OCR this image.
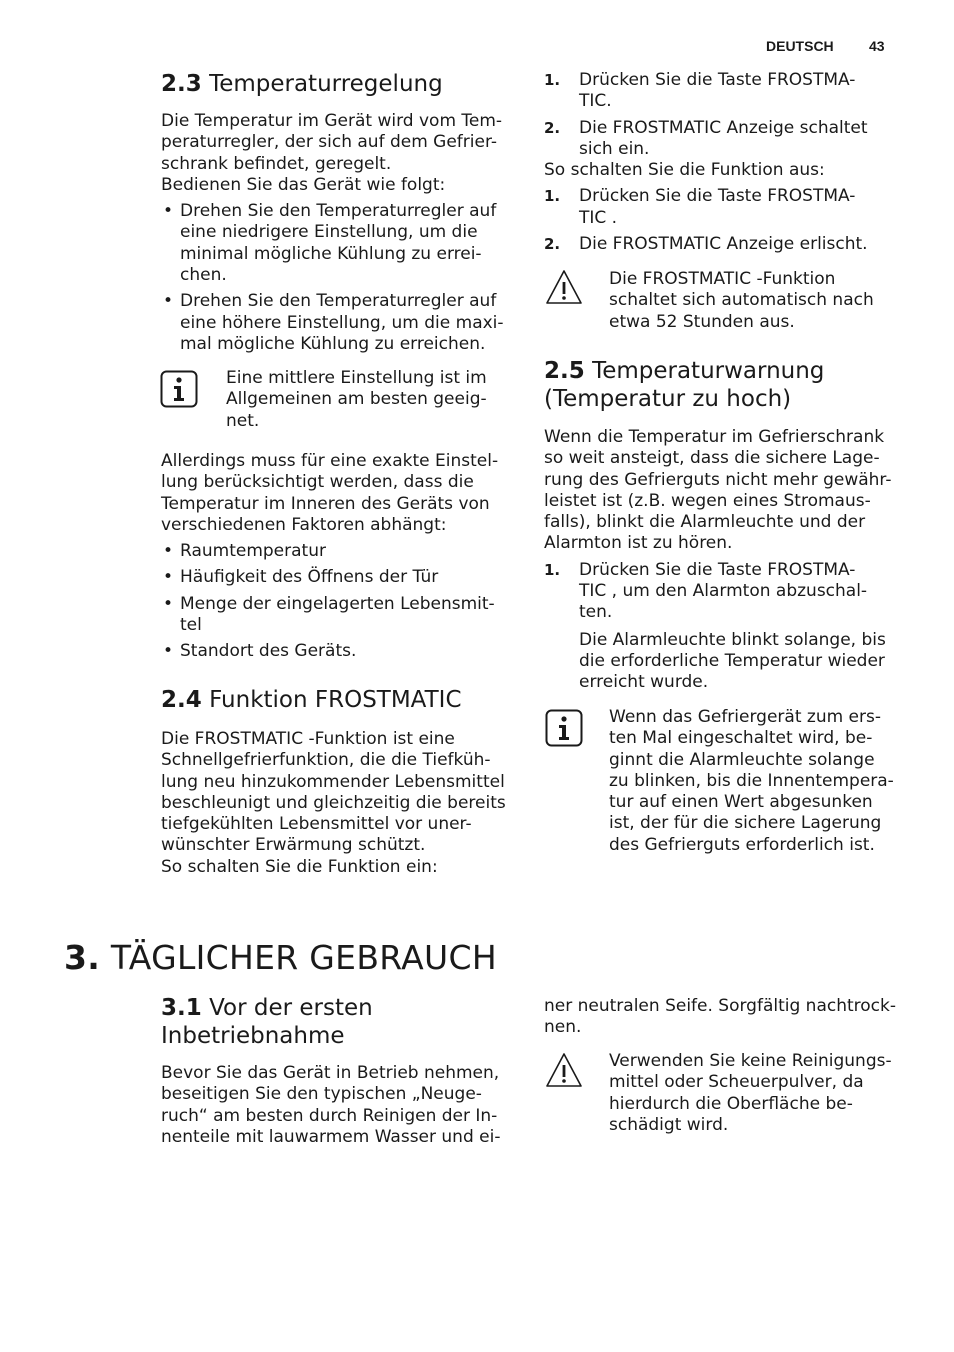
DEUTSCH	43
2.3 Temperaturregelung
Die Temperatur im Gerät wird vom Tem-
peraturregler, der sich auf dem Gefrier-
schrank befindet, geregelt.
Bedienen Sie das Gerät wie folgt:
• Drehen Sie den Temperaturregler auf
eine niedrigere Einstellung, um die
minimal mögliche Kühlung zu errei-
chen.
• Drehen Sie den Temperaturregler auf
eine höhere Einstellung, um die maxi-
mal mögliche Kühlung zu erreichen.
Eine mittlere Einstellung ist im
Allgemeinen am besten geeig-
net.
Allerdings muss für eine exakte Einstel-
lung berücksichtigt werden, dass die
Temperatur im Inneren des Geräts von
verschiedenen Faktoren abhängt:
• Raumtemperatur
• Häufigkeit des Öffnens der Tür
• Menge der eingelagerten Lebensmit-
tel
• Standort des Geräts.
2.4 Funktion FROSTMATIC
Die FROSTMATIC -Funktion ist eine
Schnellgefrierfunktion, die die Tiefküh-
lung neu hinzukommender Lebensmittel
beschleunigt und gleichzeitig die bereits
tiefgekühlten Lebensmittel vor uner-
wünschter Erwärmung schützt.
So schalten Sie die Funktion ein:
1. Drücken Sie die Taste FROSTMA-
TIC.
2. Die FROSTMATIC Anzeige schaltet
sich ein.
So schalten Sie die Funktion aus:
1. Drücken Sie die Taste FROSTMA-
TIC .
2. Die FROSTMATIC Anzeige erlischt.
Die FROSTMATIC -Funktion
schaltet sich automatisch nach
etwa 52 Stunden aus.
2.5 Temperaturwarnung
(Temperatur zu hoch)
Wenn die Temperatur im Gefrierschrank
so weit ansteigt, dass die sichere Lage-
rung des Gefrierguts nicht mehr gewähr-
leistet ist (z.B. wegen eines Stromaus-
falls), blinkt die Alarmleuchte und der
Alarmton ist zu hören.
1. Drücken Sie die Taste FROSTMA-
TIC , um den Alarmton abzuschal-
ten.
Die Alarmleuchte blinkt solange, bis
die erforderliche Temperatur wieder
erreicht wurde.
Wenn das Gefriergerät zum ers-
ten Mal eingeschaltet wird, be-
ginnt die Alarmleuchte solange
zu blinken, bis die Innentempera-
tur auf einen Wert abgesunken
ist, der für die sichere Lagerung
des Gefrierguts erforderlich ist.
3. TÄGLICHER GEBRAUCH
3.1 Vor der ersten
Inbetriebnahme
Bevor Sie das Gerät in Betrieb nehmen,
beseitigen Sie den typischen „Neuge-
ruch“ am besten durch Reinigen der In-
nenteile mit lauwarmem Wasser und ei-
ner neutralen Seife. Sorgfältig nachtrock-
nen.
Verwenden Sie keine Reinigungs-
mittel oder Scheuerpulver, da
hierdurch die Oberfläche be-
schädigt wird.
